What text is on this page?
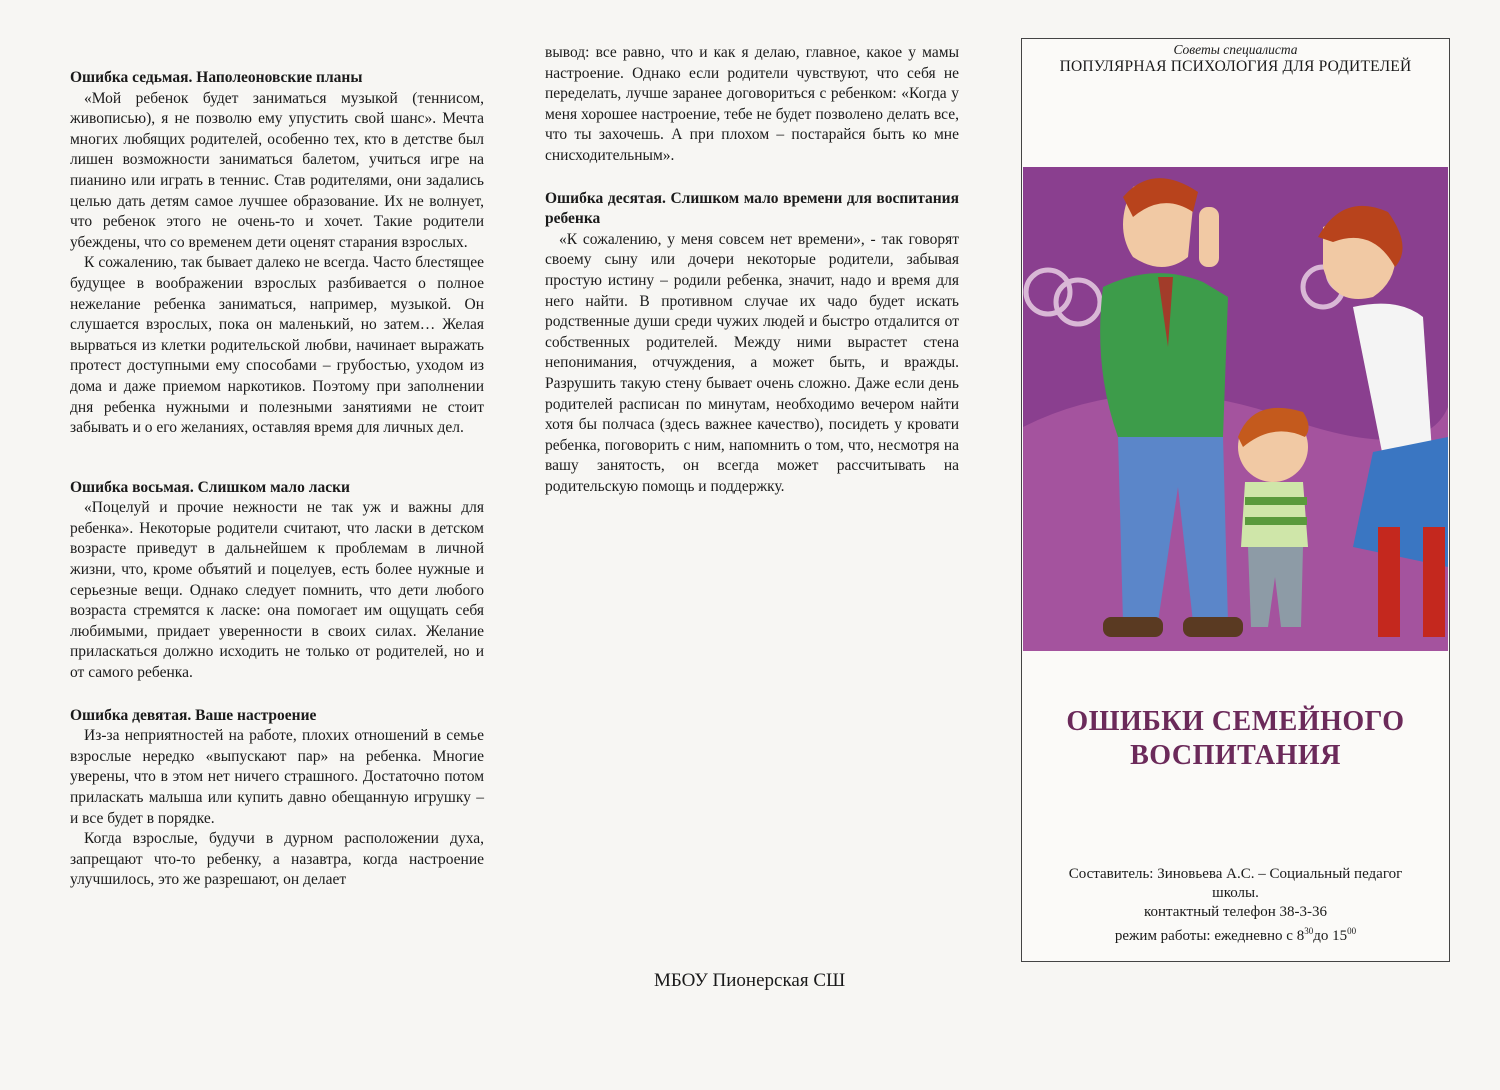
Ошибка седьмая. Наполеоновские планы

«Мой ребенок будет заниматься музыкой (теннисом, живописью), я не позволю ему упустить свой шанс». Мечта многих любящих родителей, особенно тех, кто в детстве был лишен возможности заниматься балетом, учиться игре на пианино или играть в теннис. Став родителями, они задались целью дать детям самое лучшее образование. Их не волнует, что ребенок этого не очень-то и хочет. Такие родители убеждены, что со временем дети оценят старания взрослых.

К сожалению, так бывает далеко не всегда. Часто блестящее будущее в воображении взрослых разбивается о полное нежелание ребенка заниматься, например, музыкой. Он слушается взрослых, пока он маленький, но затем… Желая вырваться из клетки родительской любви, начинает выражать протест доступными ему способами – грубостью, уходом из дома и даже приемом наркотиков. Поэтому при заполнении дня ребенка нужными и полезными занятиями не стоит забывать и о его желаниях, оставляя время для личных дел.

Ошибка восьмая. Слишком мало ласки

«Поцелуй и прочие нежности не так уж и важны для ребенка». Некоторые родители считают, что ласки в детском возрасте приведут в дальнейшем к проблемам в личной жизни, что, кроме объятий и поцелуев, есть более нужные и серьезные вещи. Однако следует помнить, что дети любого возраста стремятся к ласке: она помогает им ощущать себя любимыми, придает уверенности в своих силах. Желание приласкаться должно исходить не только от родителей, но и от самого ребенка.

Ошибка девятая. Ваше настроение

Из-за неприятностей на работе, плохих отношений в семье взрослые нередко «выпускают пар» на ребенка. Многие уверены, что в этом нет ничего страшного. Достаточно потом приласкать малыша или купить давно обещанную игрушку – и все будет в порядке.

Когда взрослые, будучи в дурном расположении духа, запрещают что-то ребенку, а назавтра, когда настроение улучшилось, это же разрешают, он делает

вывод: все равно, что и как я делаю, главное, какое у мамы настроение. Однако если родители чувствуют, что себя не переделать, лучше заранее договориться с ребенком: «Когда у меня хорошее настроение, тебе не будет позволено делать все, что ты захочешь. А при плохом – постарайся быть ко мне снисходительным».

Ошибка десятая. Слишком мало времени для воспитания ребенка

«К сожалению, у меня совсем нет времени», - так говорят своему сыну или дочери некоторые родители, забывая простую истину – родили ребенка, значит, надо и время для него найти. В противном случае их чадо будет искать родственные души среди чужих людей и быстро отдалится от собственных родителей. Между ними вырастет стена непонимания, отчуждения, а может быть, и вражды. Разрушить такую стену бывает очень сложно. Даже если день родителей расписан по минутам, необходимо вечером найти хотя бы полчаса (здесь важнее качество), посидеть у кровати ребенка, поговорить с ним, напомнить о том, что, несмотря на вашу занятость, он всегда может рассчитывать на родительскую помощь и поддержку.

МБОУ Пионерская СШ
Советы специалиста
ПОПУЛЯРНАЯ ПСИХОЛОГИЯ ДЛЯ РОДИТЕЛЕЙ
ОШИБКИ СЕМЕЙНОГО
ВОСПИТАНИЯ
Составитель: Зиновьева А.С. – Социальный педагог
школы.
контактный телефон 38-3-36
режим работы: ежедневно с $8^{30}до$ $15^{00}$
